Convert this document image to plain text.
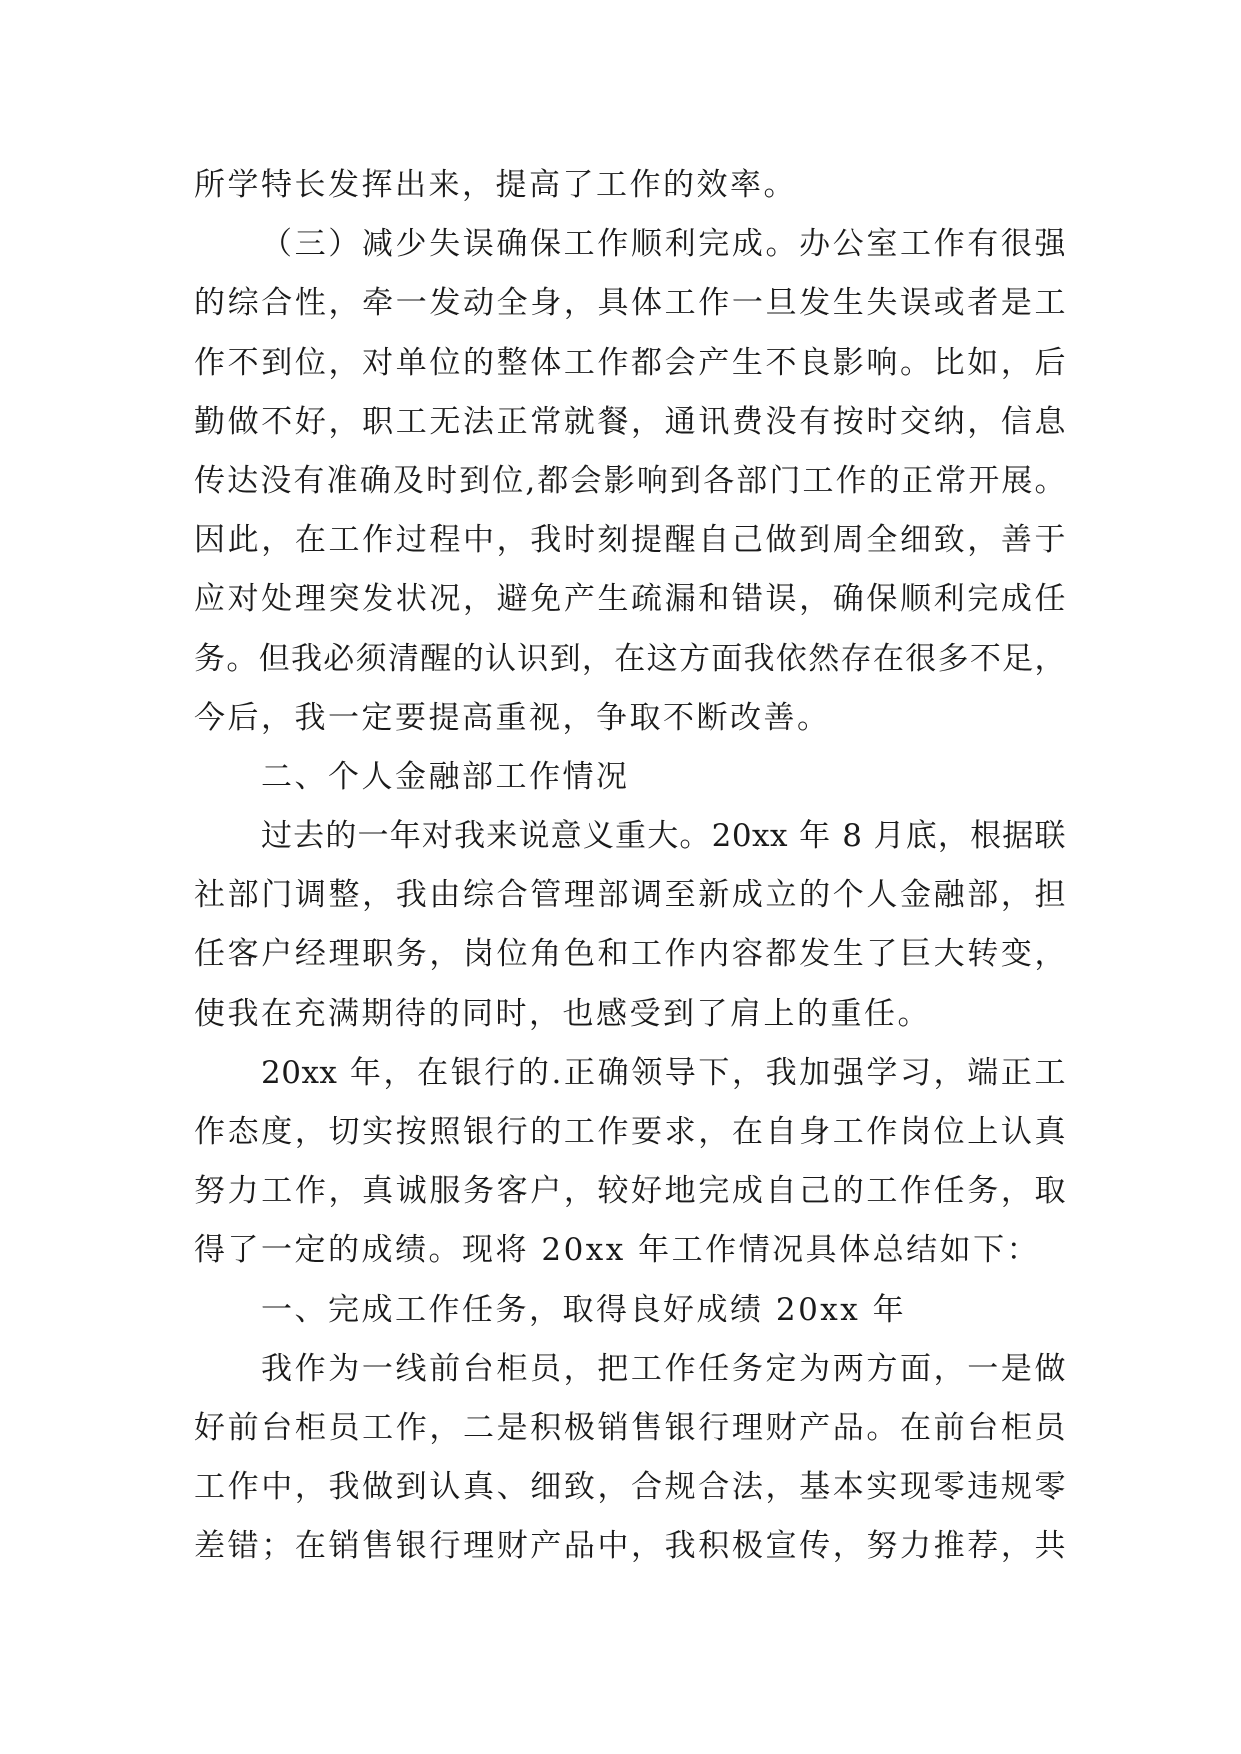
所学特长发挥出来，提高了工作的效率。
（三）减少失误确保工作顺利完成。办公室工作有很强
的综合性，牵一发动全身，具体工作一旦发生失误或者是工
作不到位，对单位的整体工作都会产生不良影响。比如，后
勤做不好，职工无法正常就餐，通讯费没有按时交纳，信息
传达没有准确及时到位,都会影响到各部门工作的正常开展。
因此，在工作过程中，我时刻提醒自己做到周全细致，善于
应对处理突发状况，避免产生疏漏和错误，确保顺利完成任
务。但我必须清醒的认识到，在这方面我依然存在很多不足，
今后，我一定要提高重视，争取不断改善。
二、个人金融部工作情况
过去的一年对我来说意义重大。20xx 年 8 月底，根据联
社部门调整，我由综合管理部调至新成立的个人金融部，担
任客户经理职务，岗位角色和工作内容都发生了巨大转变，
使我在充满期待的同时，也感受到了肩上的重任。
20xx 年，在银行的.正确领导下，我加强学习，端正工
作态度，切实按照银行的工作要求，在自身工作岗位上认真
努力工作，真诚服务客户，较好地完成自己的工作任务，取
得了一定的成绩。现将 20xx 年工作情况具体总结如下：
一、完成工作任务，取得良好成绩 20xx 年
我作为一线前台柜员，把工作任务定为两方面，一是做
好前台柜员工作，二是积极销售银行理财产品。在前台柜员
工作中，我做到认真、细致，合规合法，基本实现零违规零
差错；在销售银行理财产品中，我积极宣传，努力推荐，共
